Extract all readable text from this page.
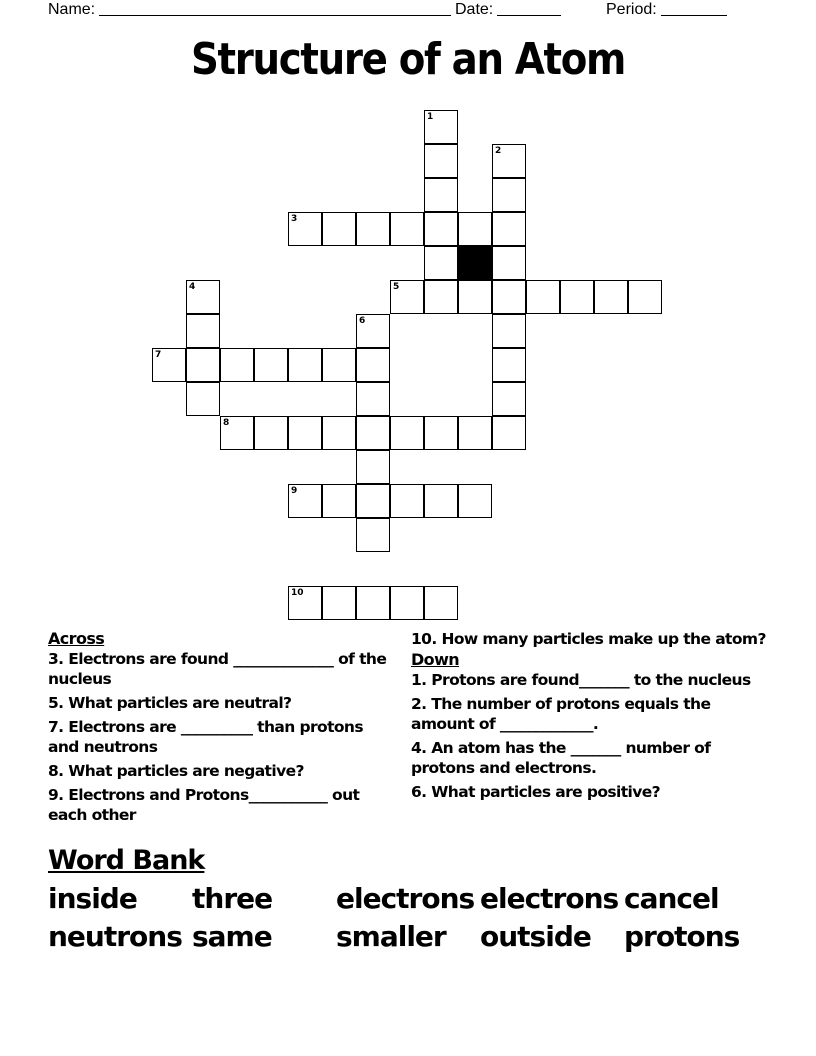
Name:	Date:	Period:
Structure of an Atom
1
2
3
4	5
6
7
8
9
10
Across
3. Electrons are found ______________ of the nucleus
5. What particles are neutral?
7. Electrons are __________ than protons and neutrons
8. What particles are negative?
9. Electrons and Protons___________ out each other
10. How many particles make up the atom?
Down
1. Protons are found_______ to the nucleus
2. The number of protons equals the amount of _____________.
4. An atom has the _______ number of protons and electrons.
6. What particles are positive?
Word Bank
inside three electrons electrons cancel
neutrons same smaller outside protons
